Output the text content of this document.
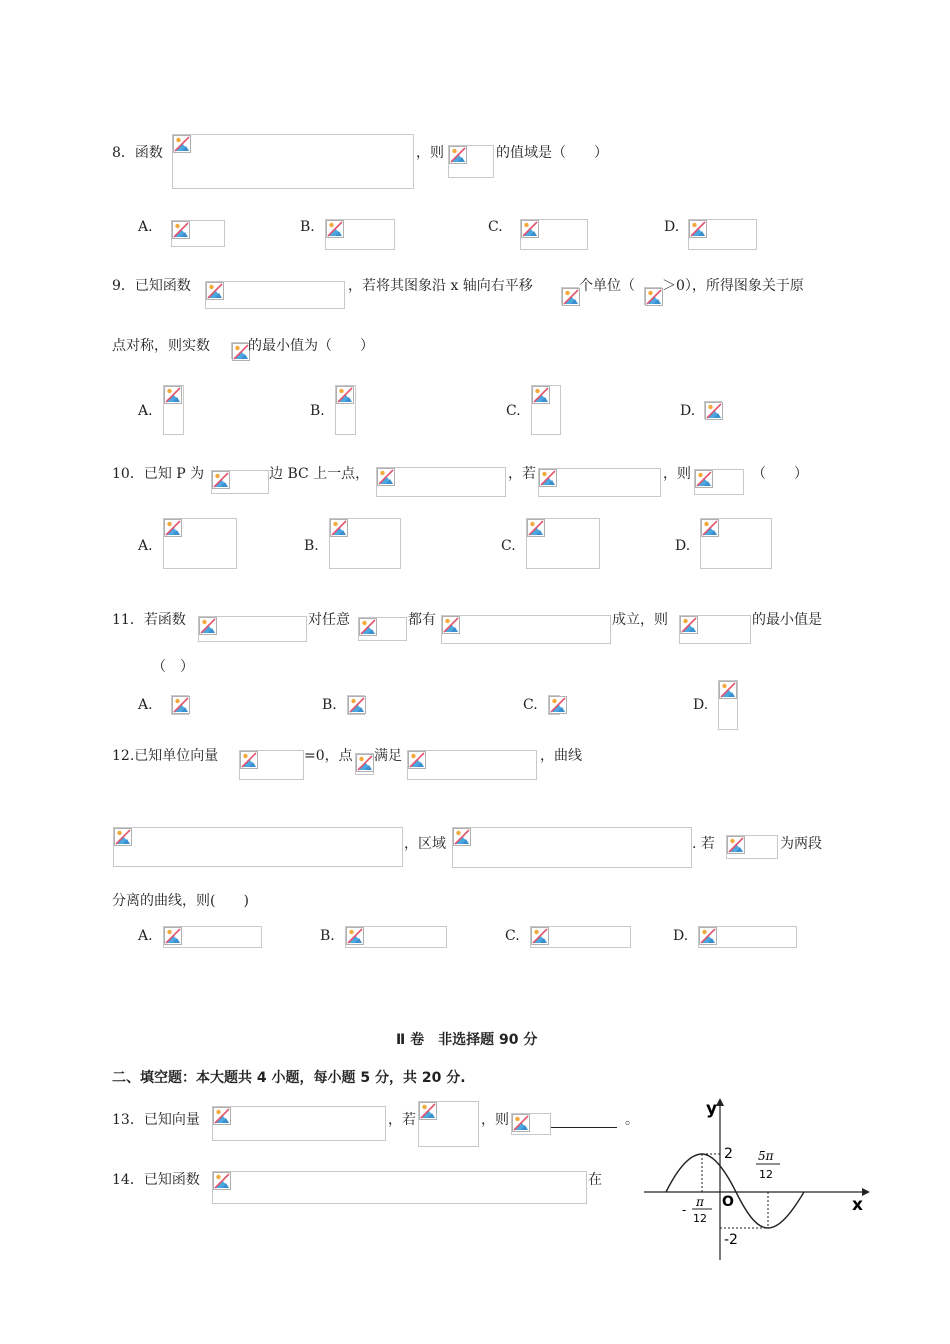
8．函数	，则	的值域是（　　）
A.	B.	C.	D.
9．已知函数	，若将其图象沿 x 轴向右平移	个单位（ ＞0），所得图象关于原
点对称，则实数	的最小值为（　　）
A.	B.	C.	D.
10．已知 P 为	边 BC 上一点，	，若	，则	（　　）
A.	B.	C.	D.
11．若函数	对任意	都有	成立，则	的最小值是
（　）
A.	B.	C.	D.
12.已知单位向量	=0，点 满足	，曲线
，区域	. 若	为两段
分离的曲线，则(　　)
A.	B.	C.	D.
Ⅱ 卷　非选择题 90 分
二、填空题：本大题共 4 小题，每小题 5 分，共 20 分.
13．已知向量	，若	，则	。
14．已知函数	在
y
x
O
2
-2
-
π
12
5π
12
